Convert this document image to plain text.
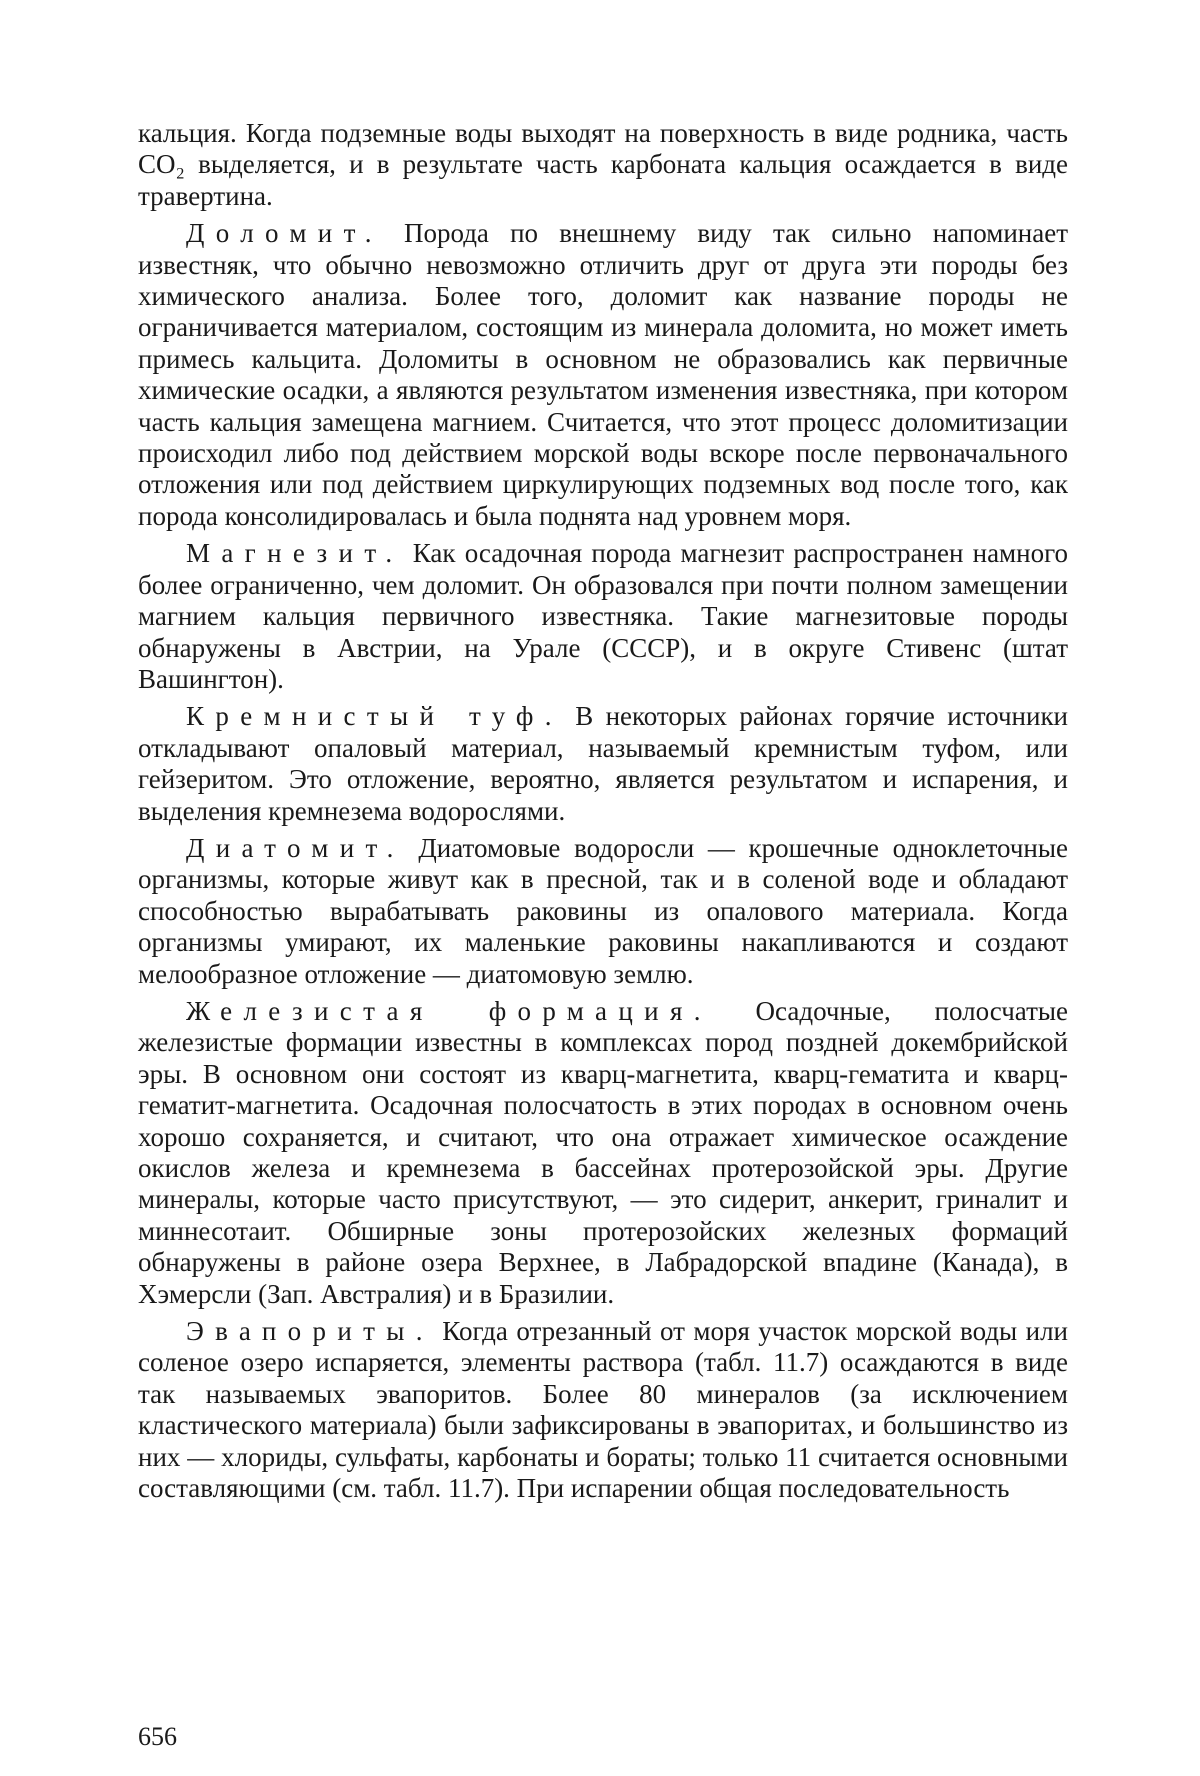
кальция. Когда подземные воды выходят на поверхность в виде родника, часть CO₂ выделяется, и в результате часть карбоната кальция осаждается в виде травертина.

Доломит. Порода по внешнему виду так сильно напоминает известняк, что обычно невозможно отличить друг от друга эти породы без химического анализа. Более того, доломит как название породы не ограничивается материалом, состоящим из минерала доломита, но может иметь примесь кальцита. Доломиты в основном не образовались как первичные химические осадки, а являются результатом изменения известняка, при котором часть кальция замещена магнием. Считается, что этот процесс доломитизации происходил либо под действием морской воды вскоре после первоначального отложения или под действием циркулирующих подземных вод после того, как порода консолидировалась и была поднята над уровнем моря.

Магнезит. Как осадочная порода магнезит распространен намного более ограниченно, чем доломит. Он образовался при почти полном замещении магнием кальция первичного известняка. Такие магнезитовые породы обнаружены в Австрии, на Урале (СССР), и в округе Стивенс (штат Вашингтон).

Кремнистый туф. В некоторых районах горячие источники откладывают опаловый материал, называемый кремнистым туфом, или гейзеритом. Это отложение, вероятно, является результатом и испарения, и выделения кремнезема водорослями.

Диатомит. Диатомовые водоросли — крошечные одноклеточные организмы, которые живут как в пресной, так и в соленой воде и обладают способностью вырабатывать раковины из опалового материала. Когда организмы умирают, их маленькие раковины накапливаются и создают мелообразное отложение — диатомовую землю.

Железистая формация. Осадочные, полосчатые железистые формации известны в комплексах пород поздней докембрийской эры. В основном они состоят из кварц-магнетита, кварц-гематита и кварц-гематит-магнетита. Осадочная полосчатость в этих породах в основном очень хорошо сохраняется, и считают, что она отражает химическое осаждение окислов железа и кремнезема в бассейнах протерозойской эры. Другие минералы, которые часто присутствуют, — это сидерит, анкерит, гриналит и миннесотаит. Обширные зоны протерозойских железных формаций обнаружены в районе озера Верхнее, в Лабрадорской впадине (Канада), в Хэмерсли (Зап. Австралия) и в Бразилии.

Эвапориты. Когда отрезанный от моря участок морской воды или соленое озеро испаряется, элементы раствора (табл. 11.7) осаждаются в виде так называемых эвапоритов. Более 80 минералов (за исключением кластического материала) были зафиксированы в эвапоритах, и большинство из них — хлориды, сульфаты, карбонаты и бораты; только 11 считается основными составляющими (см. табл. 11.7). При испарении общая последовательность

656
